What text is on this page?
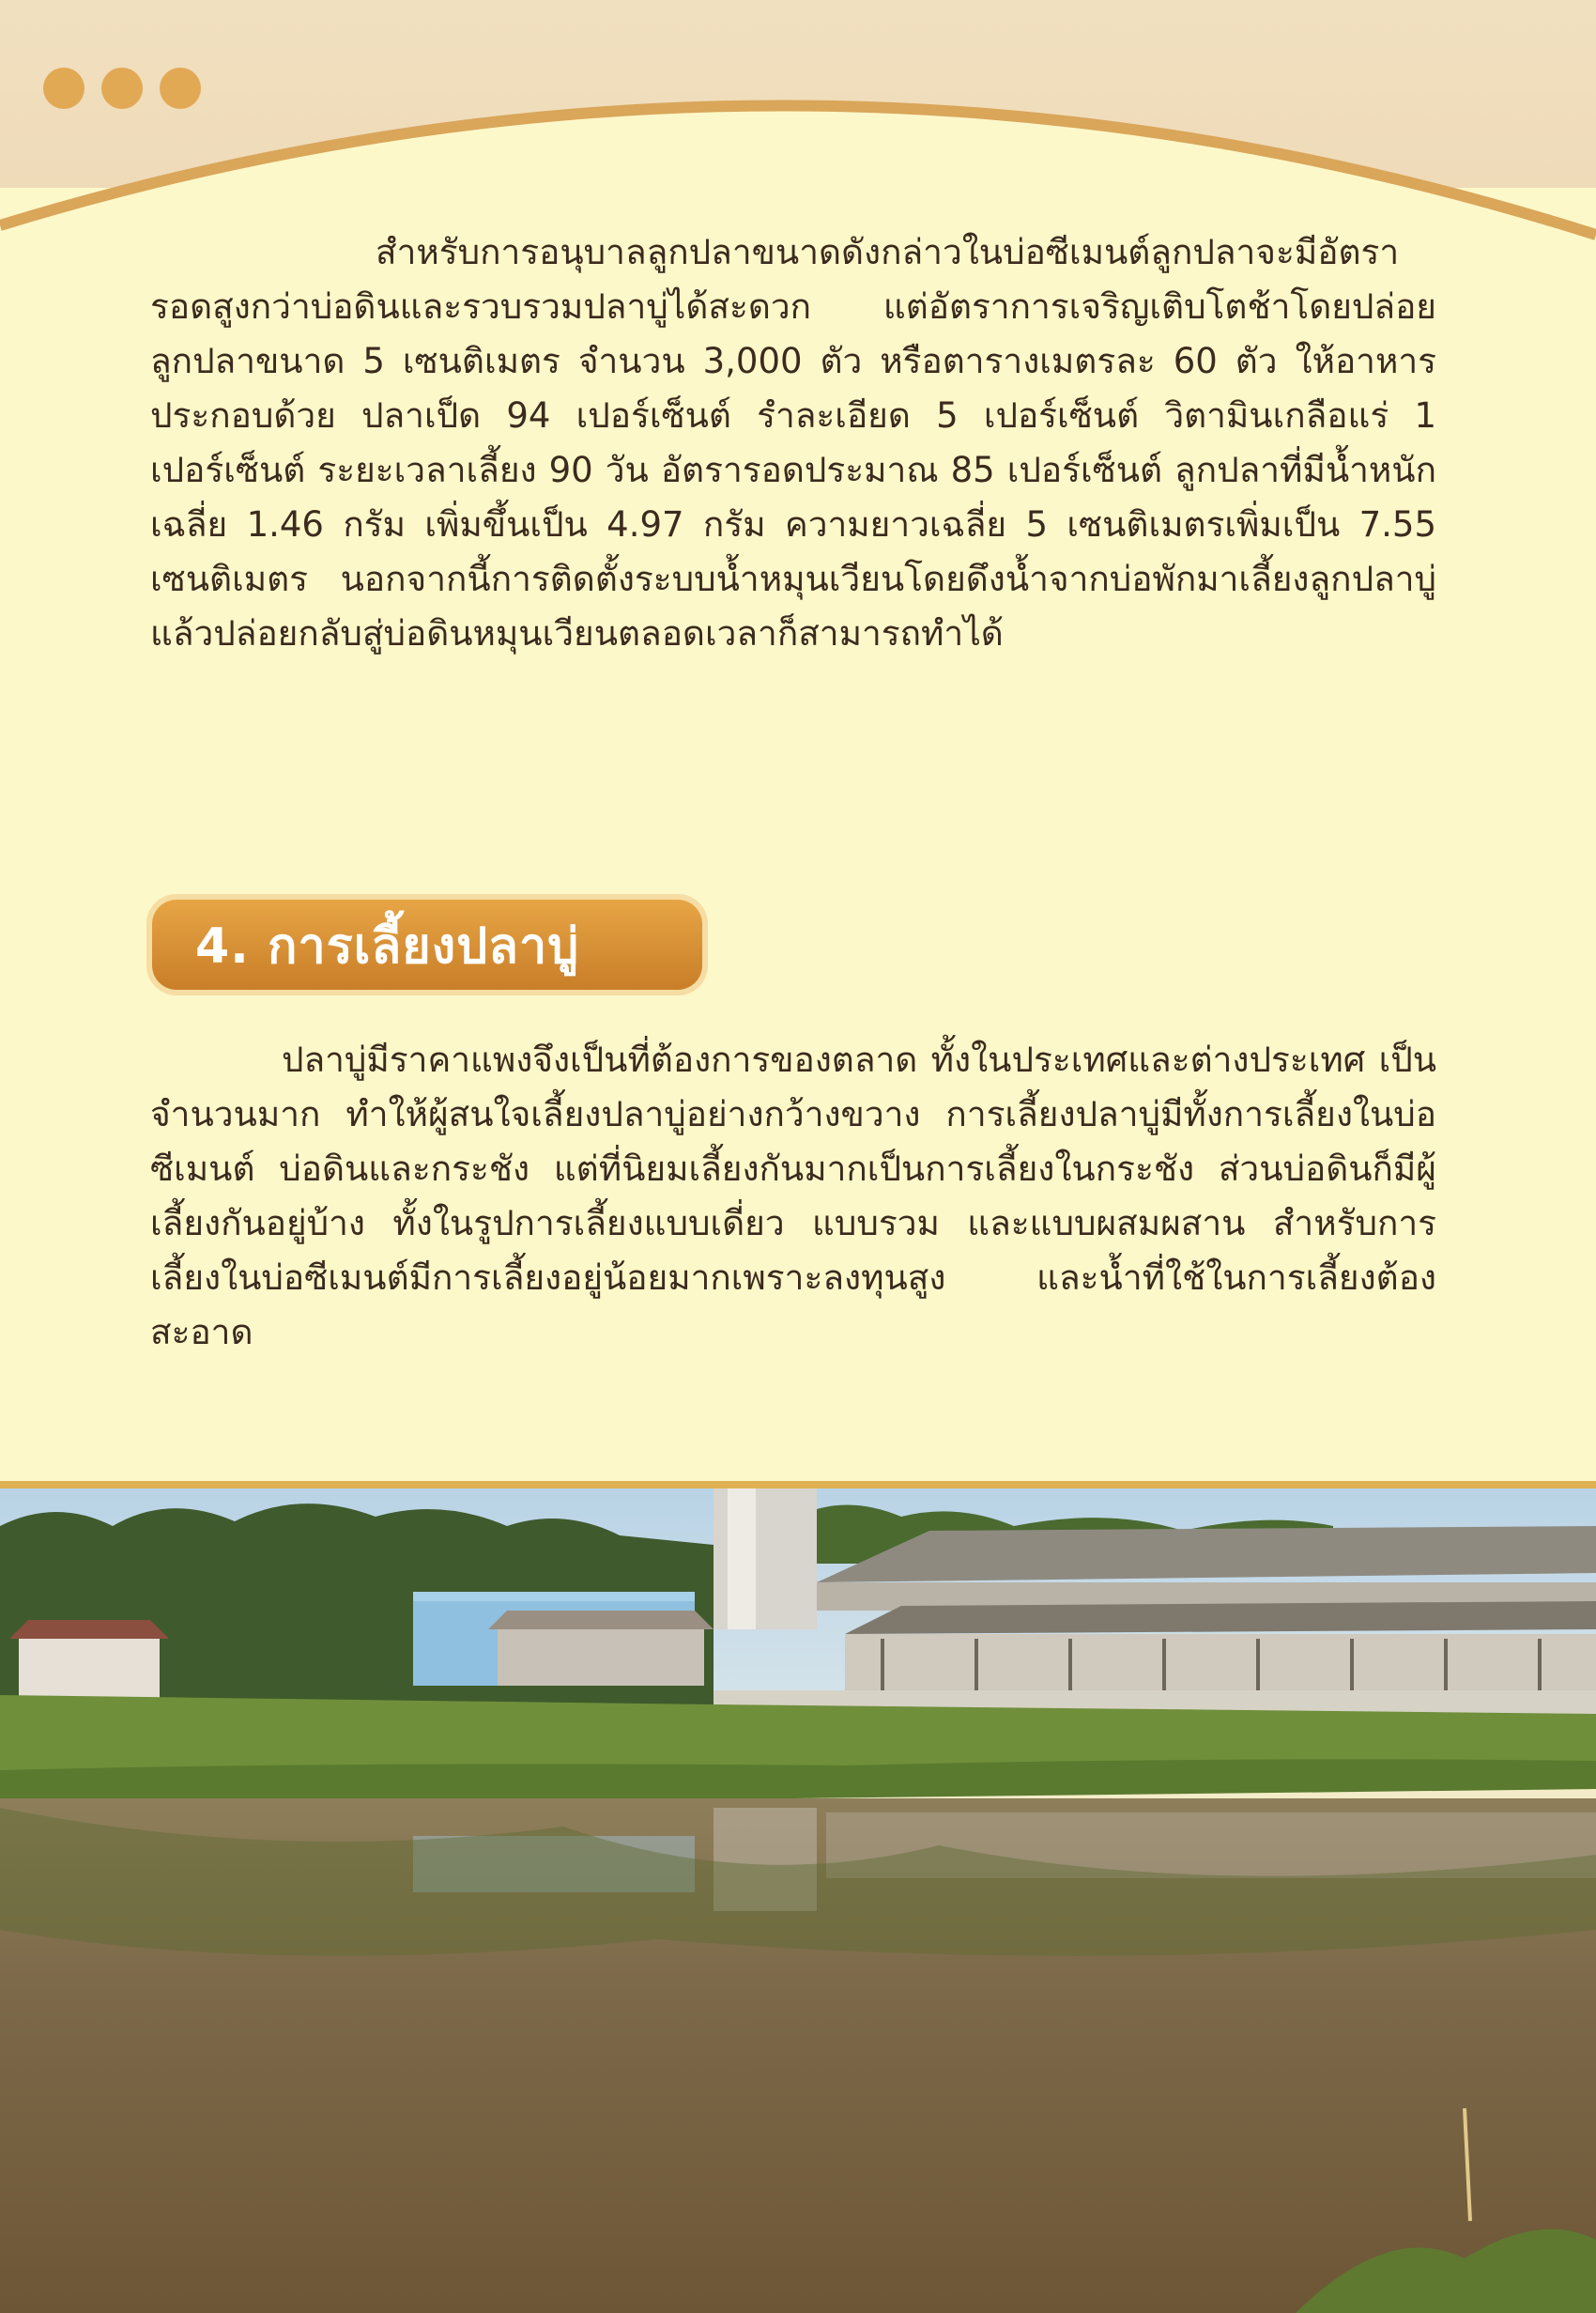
สำหรับการอนุบาลลูกปลาขนาดดังกล่าวในบ่อซีเมนต์ลูกปลาจะมีอัตรารอดสูงกว่าบ่อดินและรวบรวมปลาบู่ได้สะดวก แต่อัตราการเจริญเติบโตช้าโดยปล่อยลูกปลาขนาด 5 เซนติเมตร จำนวน 3,000 ตัว หรือตารางเมตรละ 60 ตัว ให้อาหารประกอบด้วย ปลาเป็ด 94 เปอร์เซ็นต์ รำละเอียด 5 เปอร์เซ็นต์ วิตามินเกลือแร่ 1 เปอร์เซ็นต์ ระยะเวลาเลี้ยง 90 วัน อัตรารอดประมาณ 85 เปอร์เซ็นต์ ลูกปลาที่มีน้ำหนักเฉลี่ย 1.46 กรัม เพิ่มขึ้นเป็น 4.97 กรัม ความยาวเฉลี่ย 5 เซนติเมตรเพิ่มเป็น 7.55 เซนติเมตร นอกจากนี้การติดตั้งระบบน้ำหมุนเวียนโดยดึงน้ำจากบ่อพักมาเลี้ยงลูกปลาบู่แล้วปล่อยกลับสู่บ่อดินหมุนเวียนตลอดเวลาก็สามารถทำได้

4. การเลี้ยงปลาบู่

ปลาบู่มีราคาแพงจึงเป็นที่ต้องการของตลาด ทั้งในประเทศและต่างประเทศ เป็นจำนวนมาก ทำให้ผู้สนใจเลี้ยงปลาบู่อย่างกว้างขวาง การเลี้ยงปลาบู่มีทั้งการเลี้ยงในบ่อซีเมนต์ บ่อดินและกระชัง แต่ที่นิยมเลี้ยงกันมากเป็นการเลี้ยงในกระชัง ส่วนบ่อดินก็มีผู้เลี้ยงกันอยู่บ้าง ทั้งในรูปการเลี้ยงแบบเดี่ยว แบบรวม และแบบผสมผสาน สำหรับการเลี้ยงในบ่อซีเมนต์มีการเลี้ยงอยู่น้อยมากเพราะลงทุนสูง และน้ำที่ใช้ในการเลี้ยงต้องสะอาด
